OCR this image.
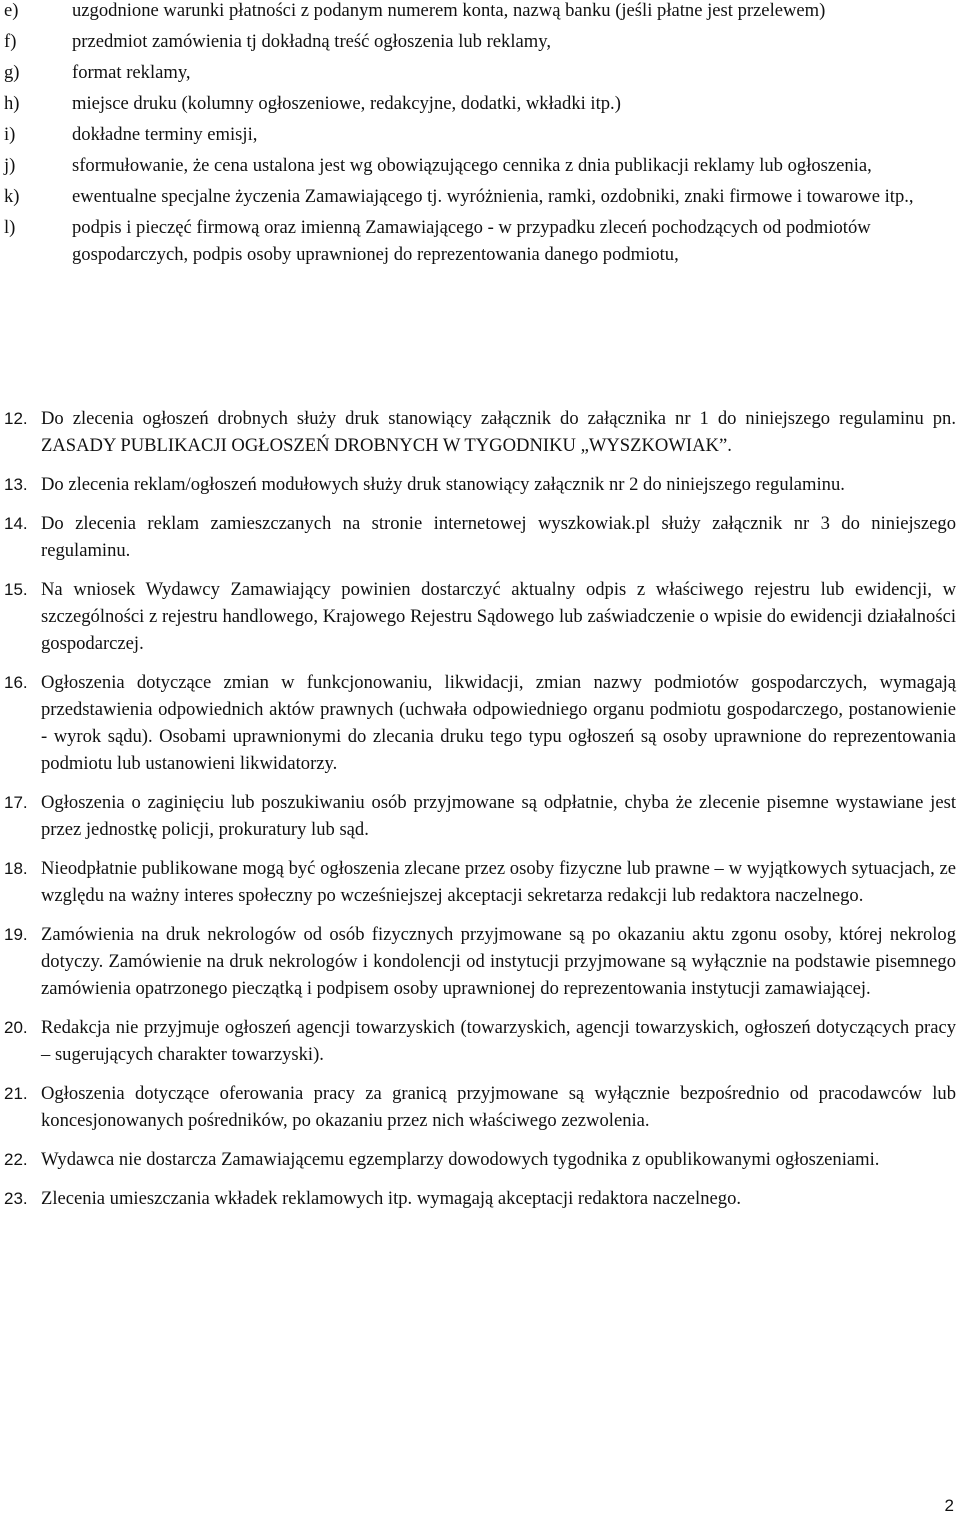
e)	uzgodnione warunki płatności z podanym numerem konta, nazwą banku (jeśli płatne jest przelewem)
f)	przedmiot zamówienia tj dokładną treść ogłoszenia lub reklamy,
g)	format reklamy,
h)	miejsce druku (kolumny ogłoszeniowe, redakcyjne, dodatki, wkładki itp.)
i)	dokładne terminy emisji,
j)	sformułowanie, że cena ustalona jest wg obowiązującego cennika z dnia publikacji reklamy lub ogłoszenia,
k)	ewentualne specjalne życzenia Zamawiającego tj. wyróżnienia, ramki, ozdobniki, znaki firmowe i towarowe itp.,
l)	podpis i pieczęć firmową oraz imienną Zamawiającego - w przypadku zleceń pochodzących od podmiotów gospodarczych, podpis osoby uprawnionej do reprezentowania danego podmiotu,
12. Do zlecenia ogłoszeń drobnych służy druk stanowiący załącznik do załącznika nr 1 do niniejszego regulaminu pn. ZASADY PUBLIKACJI OGŁOSZEŃ DROBNYCH W TYGODNIKU „WYSZKOWIAK”.
13. Do zlecenia reklam/ogłoszeń modułowych służy druk stanowiący załącznik nr 2 do niniejszego regulaminu.
14. Do zlecenia reklam zamieszczanych na stronie internetowej wyszkowiak.pl służy załącznik nr 3 do niniejszego regulaminu.
15. Na wniosek Wydawcy Zamawiający powinien dostarczyć aktualny odpis z właściwego rejestru lub ewidencji, w szczególności z rejestru handlowego, Krajowego Rejestru Sądowego lub zaświadczenie o wpisie do ewidencji działalności gospodarczej.
16. Ogłoszenia dotyczące zmian w funkcjonowaniu, likwidacji, zmian nazwy podmiotów gospodarczych, wymagają przedstawienia odpowiednich aktów prawnych (uchwała odpowiedniego organu podmiotu gospodarczego, postanowienie - wyrok sądu). Osobami uprawnionymi do zlecania druku tego typu ogłoszeń są osoby uprawnione do reprezentowania podmiotu lub ustanowieni likwidatorzy.
17. Ogłoszenia o zaginięciu lub poszukiwaniu osób przyjmowane są odpłatnie, chyba że zlecenie pisemne wystawiane jest przez jednostkę policji, prokuratury lub sąd.
18. Nieodpłatnie publikowane mogą być ogłoszenia zlecane przez osoby fizyczne lub prawne – w wyjątkowych sytuacjach, ze względu na ważny interes społeczny po wcześniejszej akceptacji sekretarza redakcji lub redaktora naczelnego.
19. Zamówienia na druk nekrologów od osób fizycznych przyjmowane są po okazaniu aktu zgonu osoby, której nekrolog dotyczy. Zamówienie na druk nekrologów i kondolencji od instytucji przyjmowane są wyłącznie na podstawie pisemnego zamówienia opatrzonego pieczątką i podpisem osoby uprawnionej do reprezentowania instytucji zamawiającej.
20. Redakcja nie przyjmuje ogłoszeń agencji towarzyskich (towarzyskich, agencji towarzyskich, ogłoszeń dotyczących pracy – sugerujących charakter towarzyski).
21. Ogłoszenia dotyczące oferowania pracy za granicą przyjmowane są wyłącznie bezpośrednio od pracodawców lub koncesjonowanych pośredników, po okazaniu przez nich właściwego zezwolenia.
22. Wydawca nie dostarcza Zamawiającemu egzemplarzy dowodowych tygodnika z opublikowanymi ogłoszeniami.
23. Zlecenia umieszczania wkładek reklamowych itp. wymagają akceptacji redaktora naczelnego.
2
